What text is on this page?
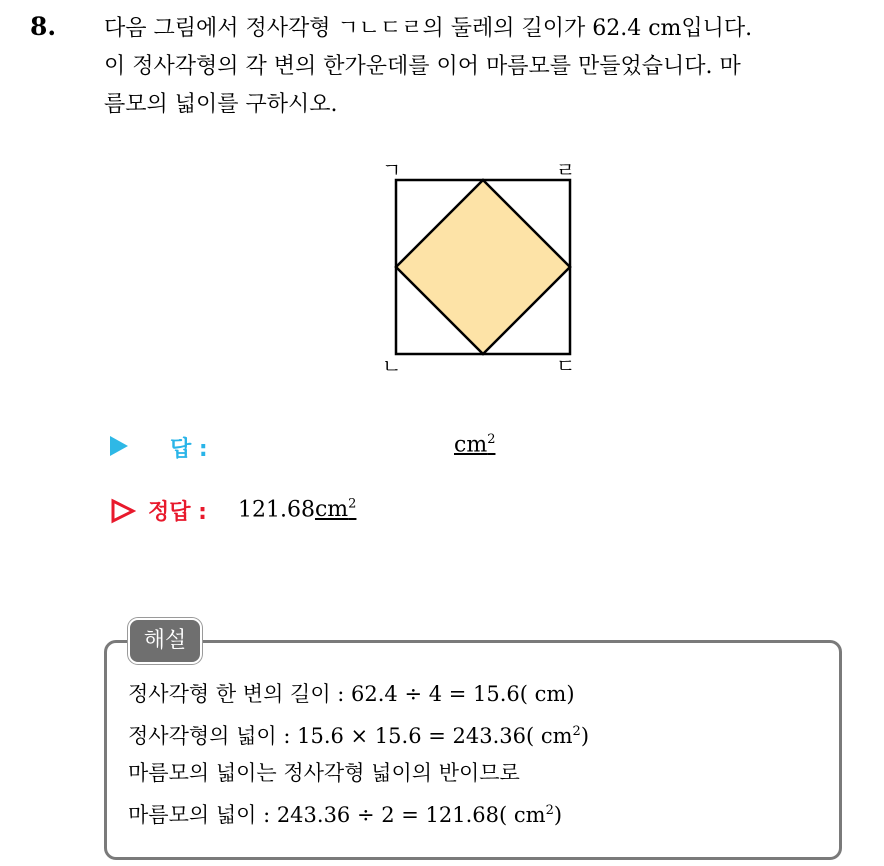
8. 다음 그림에서 정사각형 ㄱㄴㄷㄹ의 둘레의 길이가 62.4 cm입니다.
이 정사각형의 각 변의 한가운데를 이어 마름모를 만들었습니다. 마
름모의 넓이를 구하시오.
ㄱ	ㄹ
ㄴ	ㄷ
답 :	$cm^2$
정답 : $121.68cm^2$
해설
정사각형 한 변의 길이 : 62.4 ÷ 4 = 15.6( cm)
정사각형의 넓이 : 15.6 × 15.6 = 243.36( $cm^2$)
마름모의 넓이는 정사각형 넓이의 반이므로
마름모의 넓이 : 243.36 ÷ 2 = 121.68( $cm^2$)
